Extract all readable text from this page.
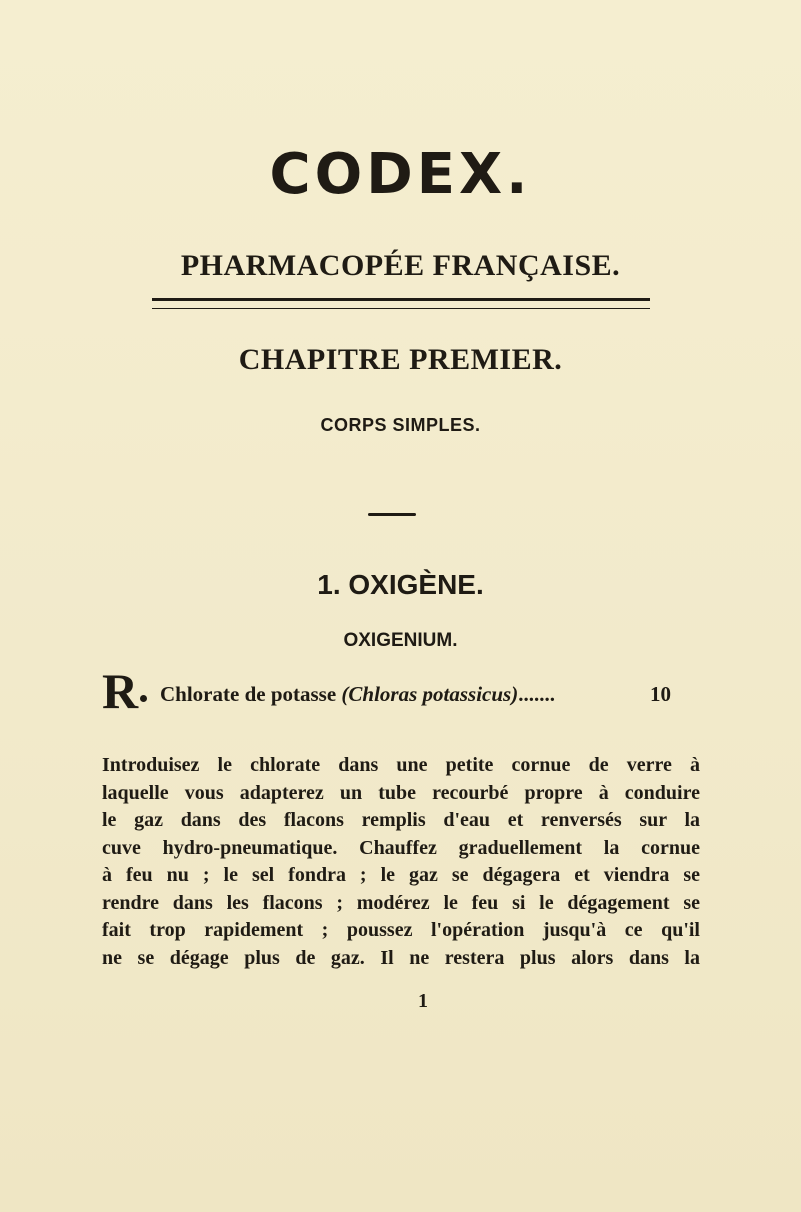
CODEX.
PHARMACOPÉE FRANÇAISE.
CHAPITRE PREMIER.
CORPS SIMPLES.
1. OXIGÈNE.
OXIGENIUM.
R Chlorate de potasse (Chloras potassicus).......	10
Introduisez le chlorate dans une petite cornue de verre à
laquelle vous adapterez un tube recourbé propre à conduire
le gaz dans des flacons remplis d'eau et renversés sur la
cuve hydro-pneumatique. Chauffez graduellement la cornue
à feu nu ; le sel fondra ; le gaz se dégagera et viendra se
rendre dans les flacons ; modérez le feu si le dégagement se
fait trop rapidement ; poussez l'opération jusqu'à ce qu'il
ne se dégage plus de gaz. Il ne restera plus alors dans la
1
